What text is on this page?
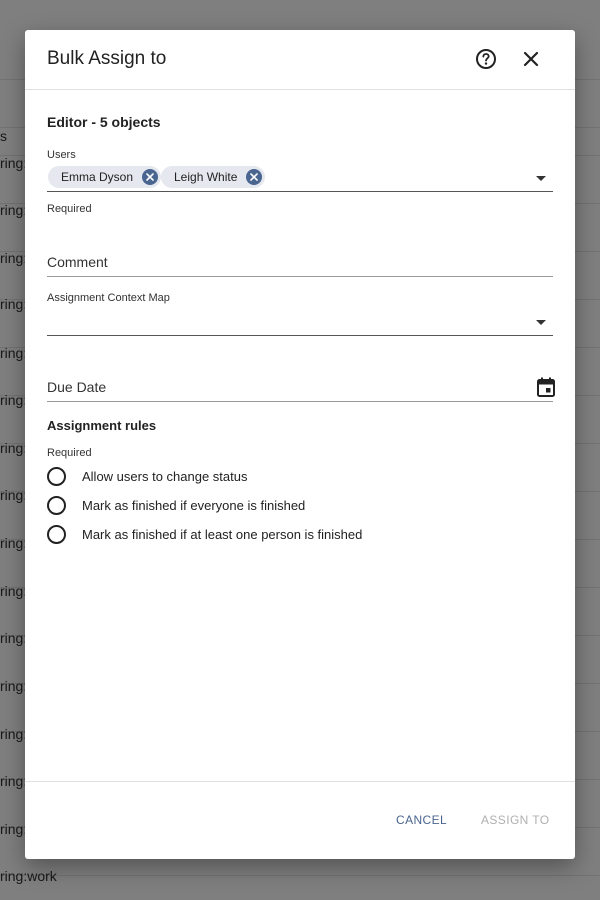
Bulk Assign to
Editor - 5 objects
Users
Emma Dyson	Leigh White
Required
Comment
Assignment Context Map
Due Date
Assignment rules
Required
Allow users to change status
Mark as finished if everyone is finished
Mark as finished if at least one person is finished
CANCEL	ASSIGN TO
